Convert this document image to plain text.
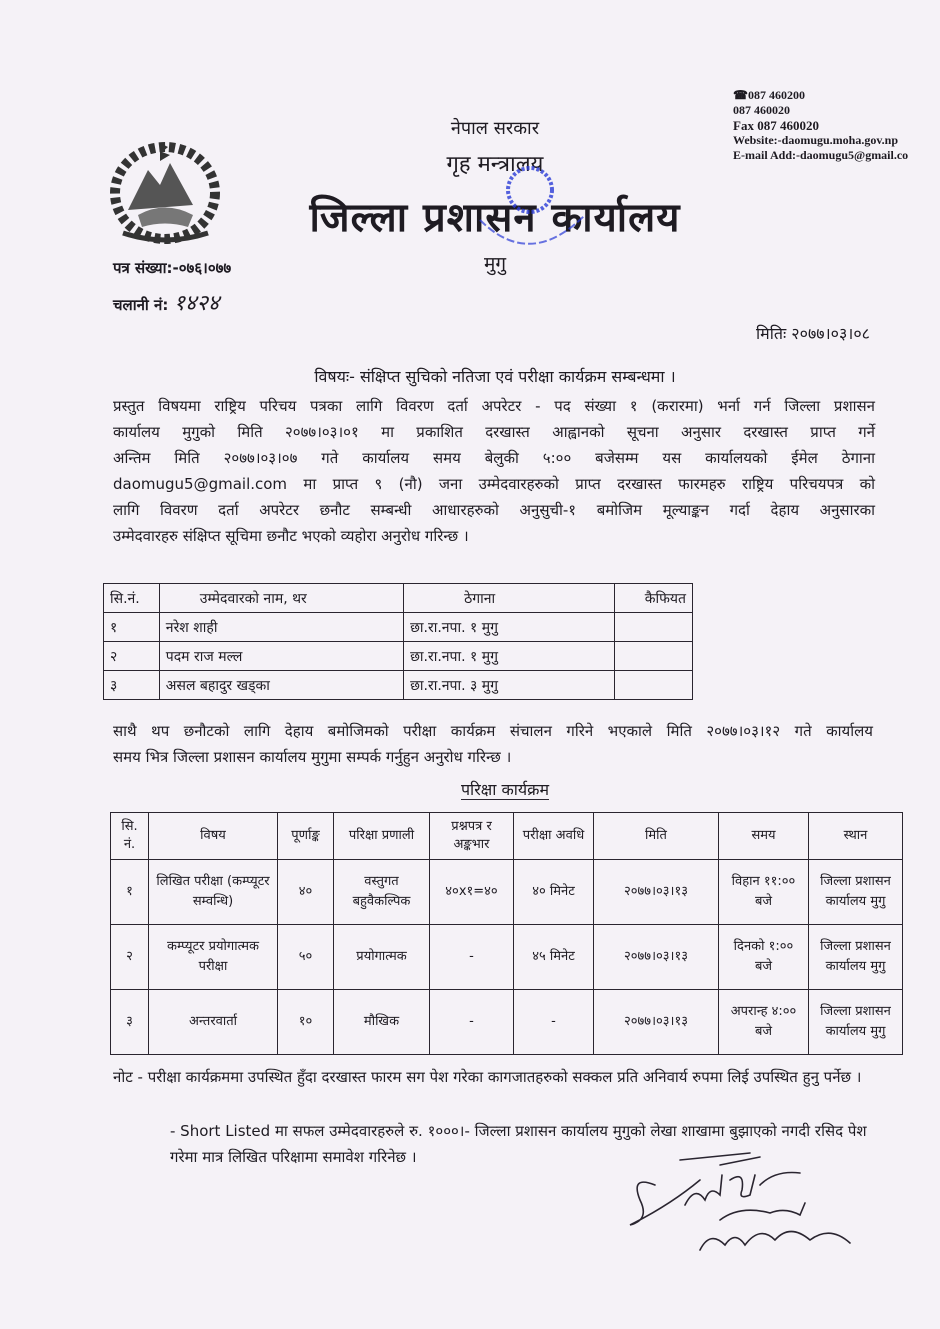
☎087 460200
087 460020
Fax 087 460020
Website:-daomugu.moha.gov.np
E-mail Add:-daomugu5@gmail.co
नेपाल सरकार
गृह मन्त्रालय
जिल्ला प्रशासन कार्यालय
मुगु
पत्र संख्या:-०७६।०७७
चलानी नं: १४२४
मितिः २०७७।०३।०८
विषयः- संक्षिप्त सुचिको नतिजा एवं परीक्षा कार्यक्रम सम्बन्धमा ।
प्रस्तुत विषयमा राष्ट्रिय परिचय पत्रका लागि विवरण दर्ता अपरेटर - पद संख्या १ (करारमा) भर्ना गर्न जिल्ला प्रशासन
कार्यालय मुगुको मिति २०७७।०३।०१ मा प्रकाशित दरखास्त आह्वानको सूचना अनुसार दरखास्त प्राप्त गर्ने
अन्तिम मिति २०७७।०३।०७ गते कार्यालय समय बेलुकी ५:०० बजेसम्म यस कार्यालयको ईमेल ठेगाना
daomugu5@gmail.com मा प्राप्त ९ (नौ) जना उम्मेदवारहरुको प्राप्त दरखास्त फारमहरु राष्ट्रिय परिचयपत्र को
लागि विवरण दर्ता अपरेटर छनौट सम्बन्धी आधारहरुको अनुसुची-१ बमोजिम मूल्याङ्कन गर्दा देहाय अनुसारका
उम्मेदवारहरु संक्षिप्त सूचिमा छनौट भएको व्यहोरा अनुरोध गरिन्छ ।
सि.नं.	उम्मेदवारको नाम, थर	ठेगाना	कैफियत
१	नरेश शाही	छा.रा.नपा. १ मुगु	
२	पदम राज मल्ल	छा.रा.नपा. १ मुगु	
३	असल बहादुर खड्का	छा.रा.नपा. ३ मुगु	
साथै थप छनौटको लागि देहाय बमोजिमको परीक्षा कार्यक्रम संचालन गरिने भएकाले मिति २०७७।०३।१२ गते कार्यालय
समय भित्र जिल्ला प्रशासन कार्यालय मुगुमा सम्पर्क गर्नुहुन अनुरोध गरिन्छ ।
परिक्षा कार्यक्रम
सि. नं.	विषय	पूर्णाङ्क	परिक्षा प्रणाली	प्रश्नपत्र र अङ्कभार	परीक्षा अवधि	मिति	समय	स्थान
१	लिखित परीक्षा (कम्प्यूटर सम्वन्धि)	४०	वस्तुगत बहुवैकल्पिक	४०x१=४०	४० मिनेट	२०७७।०३।१३	विहान ११:०० बजे	जिल्ला प्रशासन कार्यालय मुगु
२	कम्प्यूटर प्रयोगात्मक परीक्षा	५०	प्रयोगात्मक	-	४५ मिनेट	२०७७।०३।१३	दिनको १:०० बजे	जिल्ला प्रशासन कार्यालय मुगु
३	अन्तरवार्ता	१०	मौखिक	-	-	२०७७।०३।१३	अपरान्ह ४:०० बजे	जिल्ला प्रशासन कार्यालय मुगु
नोट - परीक्षा कार्यक्रममा उपस्थित हुँदा दरखास्त फारम सग पेश गरेका कागजातहरुको सक्कल प्रति अनिवार्य रुपमा लिई उपस्थित हुनु पर्नेछ ।
- Short Listed मा सफल उम्मेदवारहरुले रु. १०००।- जिल्ला प्रशासन कार्यालय मुगुको लेखा शाखामा बुझाएको नगदी रसिद पेश गरेमा मात्र लिखित परिक्षामा समावेश गरिनेछ ।
